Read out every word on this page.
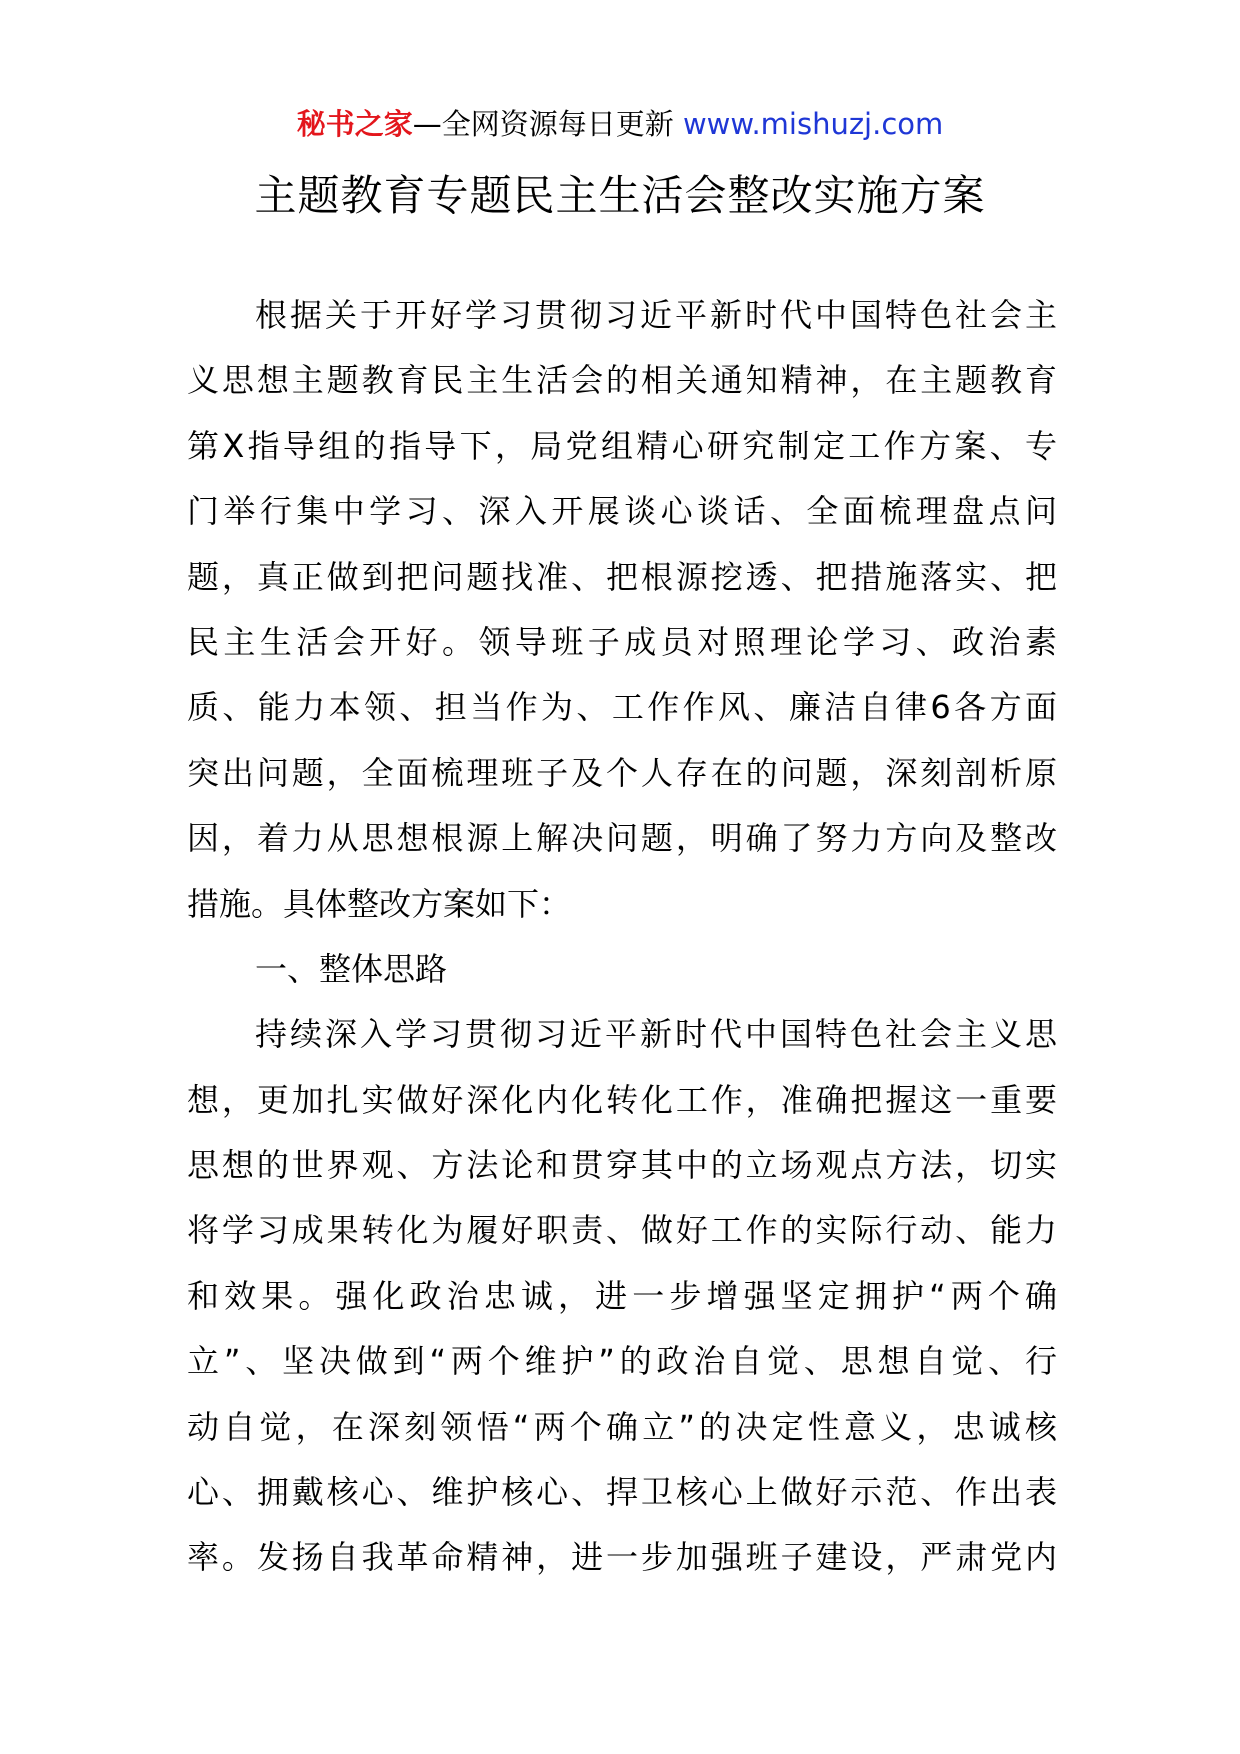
秘书之家—全网资源每日更新 www.mishuzj.com
主题教育专题民主生活会整改实施方案
根据关于开好学习贯彻习近平新时代中国特色社会主
义思想主题教育民主生活会的相关通知精神，在主题教育
第X指导组的指导下，局党组精心研究制定工作方案、专
门举行集中学习、深入开展谈心谈话、全面梳理盘点问
题，真正做到把问题找准、把根源挖透、把措施落实、把
民主生活会开好。领导班子成员对照理论学习、政治素
质、能力本领、担当作为、工作作风、廉洁自律6各方面
突出问题，全面梳理班子及个人存在的问题，深刻剖析原
因，着力从思想根源上解决问题，明确了努力方向及整改
措施。具体整改方案如下：
一、整体思路
持续深入学习贯彻习近平新时代中国特色社会主义思
想，更加扎实做好深化内化转化工作，准确把握这一重要
思想的世界观、方法论和贯穿其中的立场观点方法，切实
将学习成果转化为履好职责、做好工作的实际行动、能力
和效果。强化政治忠诚，进一步增强坚定拥护“两个确
立”、坚决做到“两个维护”的政治自觉、思想自觉、行
动自觉，在深刻领悟“两个确立”的决定性意义，忠诚核
心、拥戴核心、维护核心、捍卫核心上做好示范、作出表
率。发扬自我革命精神，进一步加强班子建设，严肃党内
